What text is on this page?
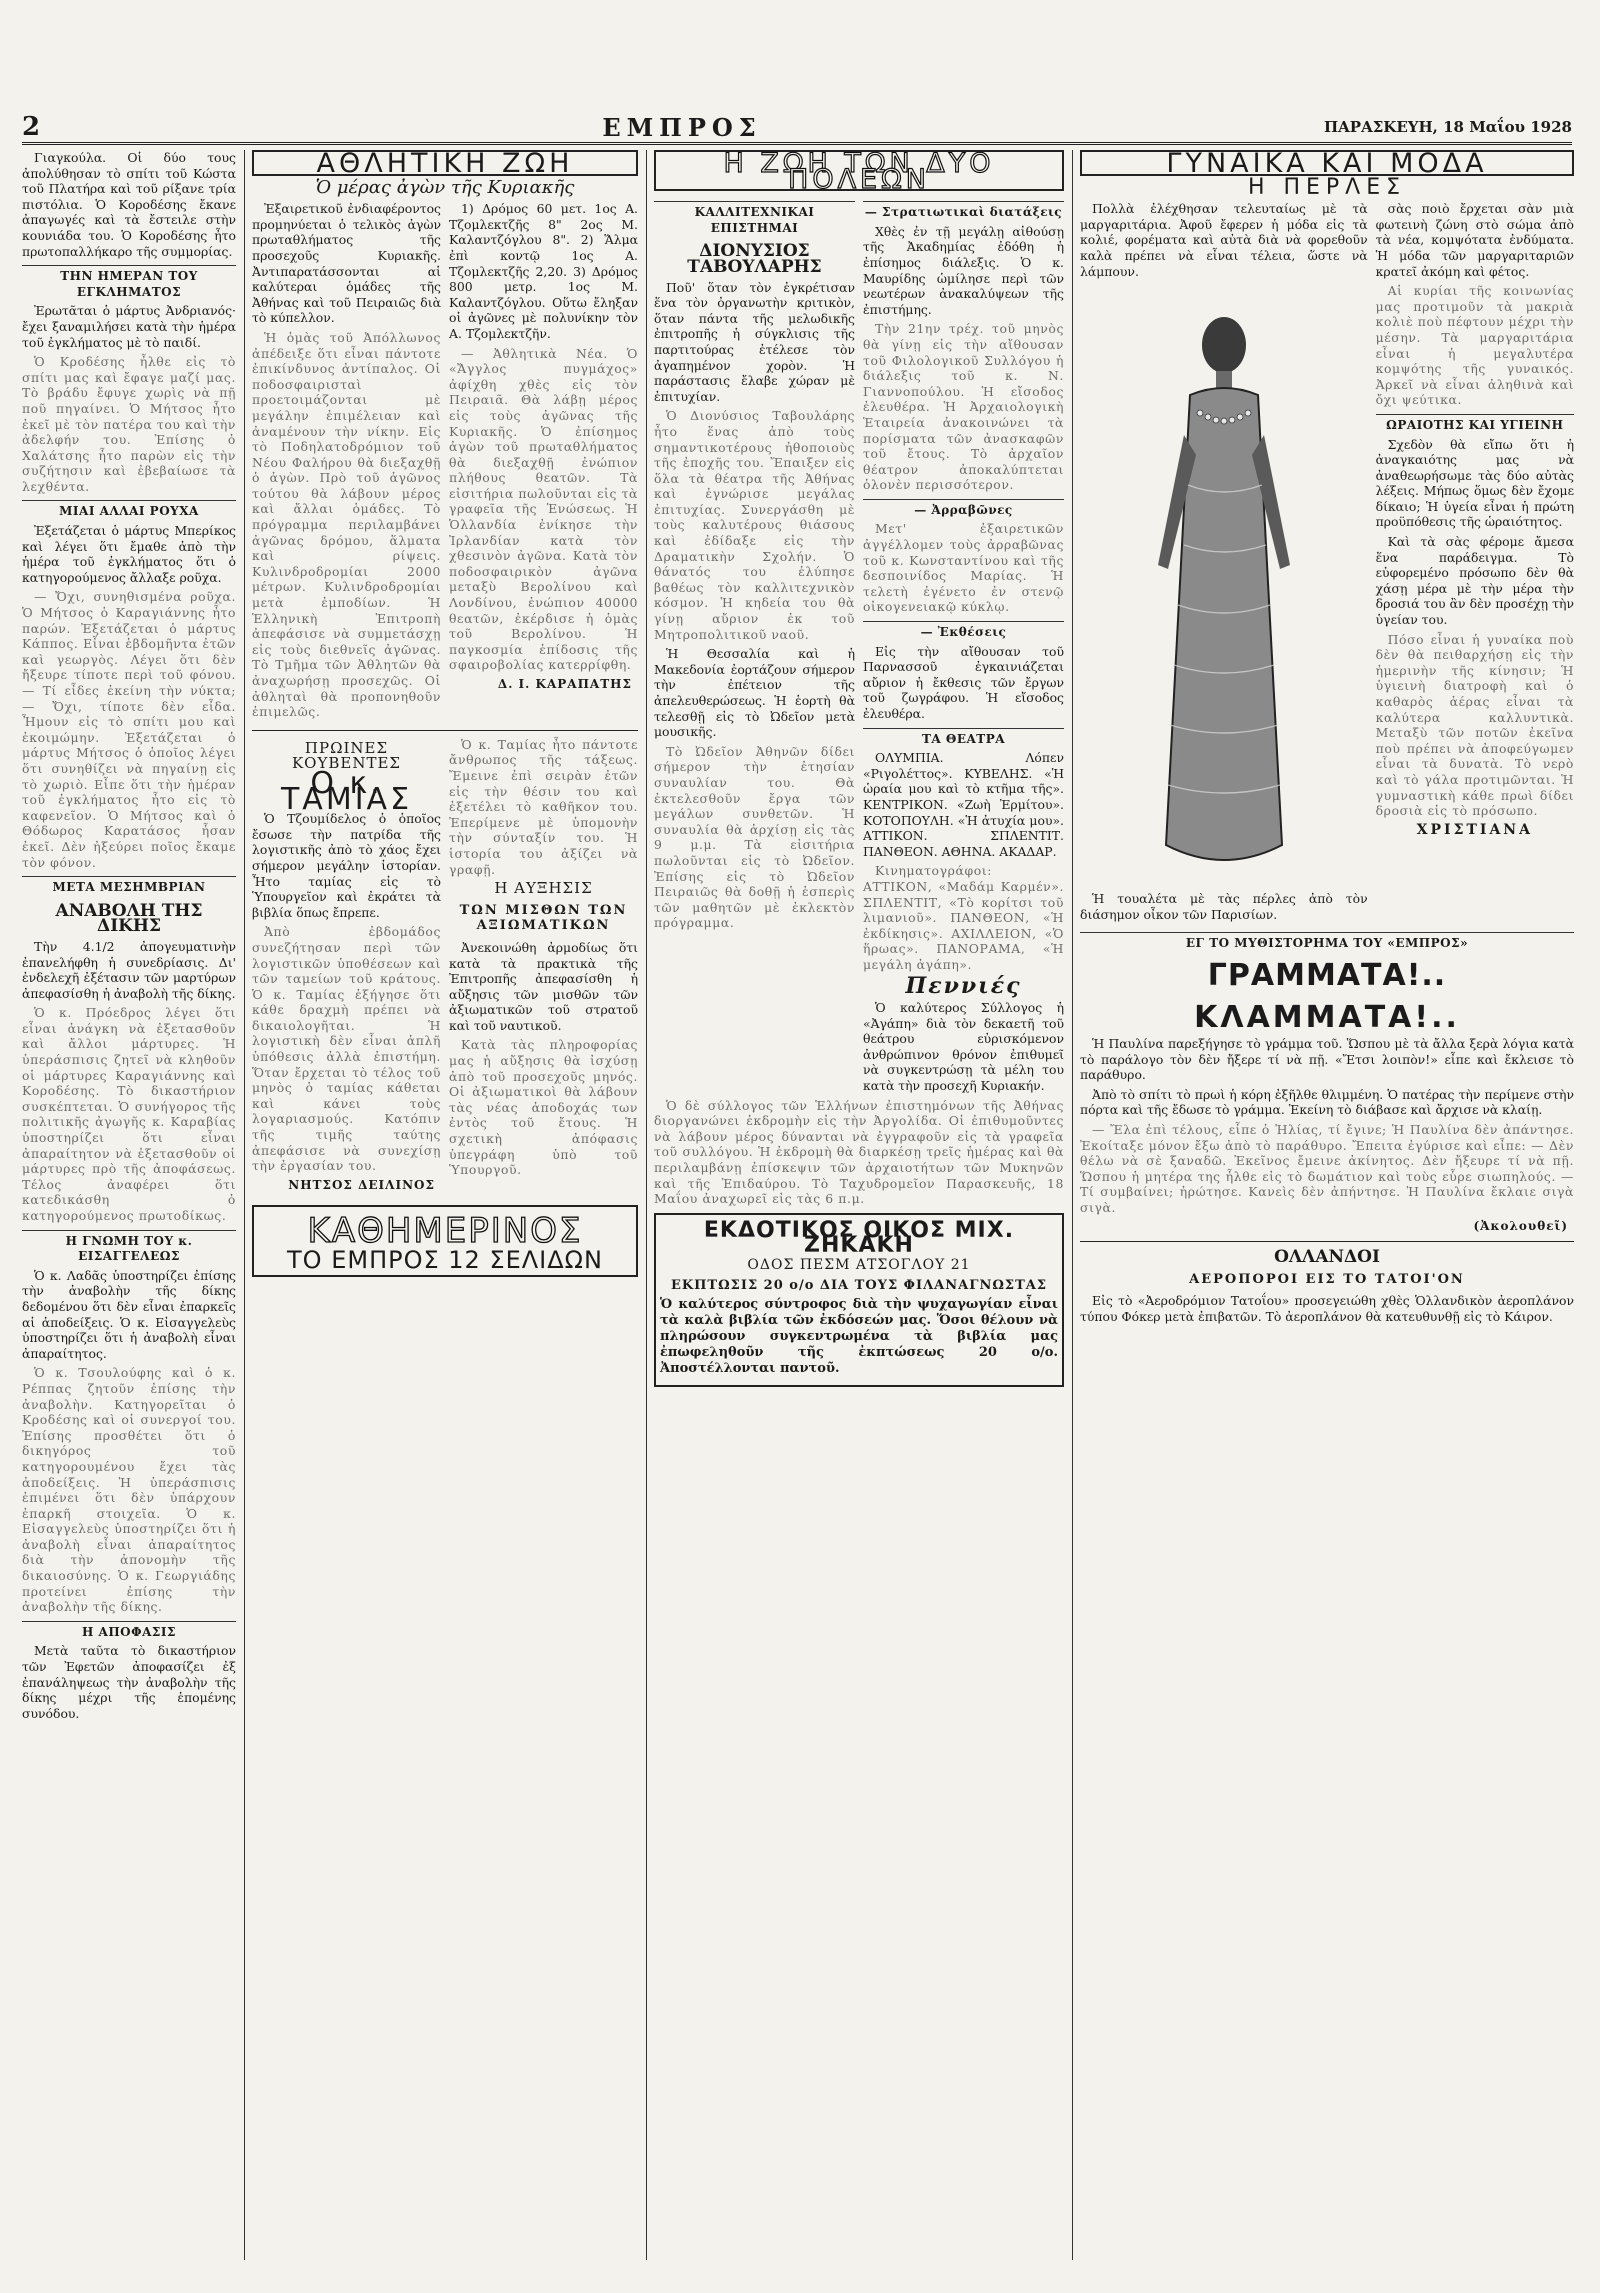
2	ΕΜΠΡΟΣ	ΠΑΡΑΣΚΕΥΗ, 18 Μαΐου 1928

Γιαγκούλα. Οἱ δύο τους ἀπολύθησαν τὸ σπίτι τοῦ Κώστα τοῦ Πλατήρα καὶ τοῦ ρίξανε τρία πιστόλια. Ὁ Κοροδέσης ἔκανε ἀπαγωγές καὶ τὰ ἔστειλε στὴν κουνιάδα του. Ὁ Κοροδέσης ἦτο πρωτοπαλλήκαρο τῆς συμμορίας.

ΤΗΝ ΗΜΕΡΑΝ ΤΟΥ ΕΓΚΛΗΜΑΤΟΣ

Ἐρωτᾶται ὁ μάρτυς Ἀνδριανός· ἔχει ξαναμιλήσει κατὰ τὴν ἡμέρα τοῦ ἐγκλήματος μὲ τὸ παιδί.

Ὁ Κροδέσης ἦλθε εἰς τὸ σπίτι μας καὶ ἔφαγε μαζί μας. Τὸ βράδυ ἔφυγε χωρὶς νὰ πῇ ποῦ πηγαίνει. Ὁ Μήτσος ἦτο ἐκεῖ μὲ τὸν πατέρα του καὶ τὴν ἀδελφήν του. Ἐπίσης ὁ Χαλάτσης ἦτο παρὼν εἰς τὴν συζήτησιν καὶ ἐβεβαίωσε τὰ λεχθέντα.

ΜΙΑΙ ΑΛΛΑΙ ΡΟΥΧΑ

Ἐξετάζεται ὁ μάρτυς Μπερίκος καὶ λέγει ὅτι ἔμαθε ἀπὸ τὴν ἡμέρα τοῦ ἐγκλήματος ὅτι ὁ κατηγορούμενος ἄλλαξε ροῦχα.

— Ὄχι, συνηθισμένα ροῦχα. Ὁ Μήτσος ὁ Καραγιάννης ἦτο παρών. Ἐξετάζεται ὁ μάρτυς Κάππος. Εἶναι ἑβδομῆντα ἐτῶν καὶ γεωργὸς. Λέγει ὅτι δὲν ἤξευρε τίποτε περὶ τοῦ φόνου. — Τί εἶδες ἐκείνη τὴν νύκτα; — Ὄχι, τίποτε δὲν εἶδα. Ἦμουν εἰς τὸ σπίτι μου καὶ ἐκοιμώμην. Ἐξετάζεται ὁ μάρτυς Μήτσος ὁ ὁποῖος λέγει ὅτι συνηθίζει νὰ πηγαίνῃ εἰς τὸ χωριὸ. Εἶπε ὅτι τὴν ἡμέραν τοῦ ἐγκλήματος ἦτο εἰς τὸ καφενεῖον. Ὁ Μήτσος καὶ ὁ Θόδωρος Καρατάσος ἦσαν ἐκεῖ. Δὲν ἠξεύρει ποῖος ἔκαμε τὸν φόνον.

ΜΕΤΑ ΜΕΣΗΜΒΡΙΑΝ
ΑΝΑΒΟΛΗ ΤΗΣ ΔΙΚΗΣ

Τὴν 4.1/2 ἀπογευματινὴν ἐπανελήφθη ἡ συνεδρίασις. Δι' ἐνδελεχῆ ἐξέτασιν τῶν μαρτύρων ἀπεφασίσθη ἡ ἀναβολὴ τῆς δίκης.

Ὁ κ. Πρόεδρος λέγει ὅτι εἶναι ἀνάγκη νὰ ἐξετασθοῦν καὶ ἄλλοι μάρτυρες. Ἡ ὑπεράσπισις ζητεῖ νὰ κληθοῦν οἱ μάρτυρες Καραγιάννης καὶ Κοροδέσης. Τὸ δικαστήριον συσκέπτεται. Ὁ συνήγορος τῆς πολιτικῆς ἀγωγῆς κ. Καραβίας ὑποστηρίζει ὅτι εἶναι ἀπαραίτητον νὰ ἐξετασθοῦν οἱ μάρτυρες πρὸ τῆς ἀποφάσεως. Τέλος ἀναφέρει ὅτι κατεδικάσθη ὁ κατηγορούμενος πρωτοδίκως.

Η ΓΝΩΜΗ ΤΟΥ κ. ΕΙΣΑΓΓΕΛΕΩΣ

Ὁ κ. Λαδᾶς ὑποστηρίζει ἐπίσης τὴν ἀναβολὴν τῆς δίκης δεδομένου ὅτι δὲν εἶναι ἐπαρκεῖς αἱ ἀποδείξεις. Ὁ κ. Εἰσαγγελεὺς ὑποστηρίζει ὅτι ἡ ἀναβολὴ εἶναι ἀπαραίτητος.

Ὁ κ. Τσουλούφης καὶ ὁ κ. Ρέππας ζητοῦν ἐπίσης τὴν ἀναβολὴν. Κατηγορεῖται ὁ Κροδέσης καὶ οἱ συνεργοί του. Ἐπίσης προσθέτει ὅτι ὁ δικηγόρος τοῦ κατηγορουμένου ἔχει τὰς ἀποδείξεις. Ἡ ὑπεράσπισις ἐπιμένει ὅτι δὲν ὑπάρχουν ἐπαρκῆ στοιχεῖα. Ὁ κ. Εἰσαγγελεὺς ὑποστηρίζει ὅτι ἡ ἀναβολὴ εἶναι ἀπαραίτητος διὰ τὴν ἀπονομὴν τῆς δικαιοσύνης. Ὁ κ. Γεωργιάδης προτείνει ἐπίσης τὴν ἀναβολὴν τῆς δίκης.

Η ΑΠΟΦΑΣΙΣ

Μετὰ ταῦτα τὸ δικαστήριον τῶν Ἐφετῶν ἀποφασίζει ἐξ ἐπανάληψεως τὴν ἀναβολὴν τῆς δίκης μέχρι τῆς ἑπομένης συνόδου.

ΑΘΛΗΤΙΚΗ ΖΩΗ
Ὁ μέρας ἀγὼν τῆς Κυριακῆς

Ἐξαιρετικοῦ ἐνδιαφέροντος προμηνύεται ὁ τελικὸς ἀγὼν πρωταθλήματος τῆς προσεχοῦς Κυριακῆς. Ἀντιπαρατάσσονται αἱ καλύτεραι ὁμάδες τῆς Ἀθήνας καὶ τοῦ Πειραιῶς διὰ τὸ κύπελλον.

Ἡ ὁμὰς τοῦ Ἀπόλλωνος ἀπέδειξε ὅτι εἶναι πάντοτε ἐπικίνδυνος ἀντίπαλος. Οἱ ποδοσφαιρισταὶ προετοιμάζονται μὲ μεγάλην ἐπιμέλειαν καὶ ἀναμένουν τὴν νίκην. Εἰς τὸ Ποδηλατοδρόμιον τοῦ Νέου Φαλήρου θὰ διεξαχθῇ ὁ ἀγὼν. Πρὸ τοῦ ἀγῶνος τούτου θὰ λάβουν μέρος καὶ ἄλλαι ὁμάδες. Τὸ πρόγραμμα περιλαμβάνει ἀγῶνας δρόμου, ἅλματα καὶ ρίψεις. Κυλινδροδρομίαι 2000 μέτρων. Κυλινδροδρομίαι μετὰ ἐμποδίων. Ἡ Ἑλληνικὴ Ἐπιτροπὴ ἀπεφάσισε νὰ συμμετάσχῃ εἰς τοὺς διεθνεῖς ἀγῶνας. Τὸ Τμῆμα τῶν Ἀθλητῶν θὰ ἀναχωρήσῃ προσεχῶς. Οἱ ἀθληταὶ θὰ προπονηθοῦν ἐπιμελῶς.

1) Δρόμος 60 μετ. 1ος Α. Τζομλεκτζῆς 8" 2ος Μ. Καλαντζόγλου 8". 2) Ἅλμα ἐπὶ κοντῷ 1ος Α. Τζομλεκτζῆς 2,20. 3) Δρόμος 800 μετρ. 1ος Μ. Καλαντζόγλου. Οὕτω ἔληξαν οἱ ἀγῶνες μὲ πολυνίκην τὸν Α. Τζομλεκτζῆν.

— Ἀθλητικὰ Νέα. Ὁ «Ἄγγλος πυγμάχος» ἀφίχθη χθὲς εἰς τὸν Πειραιᾶ. Θὰ λάβῃ μέρος εἰς τοὺς ἀγῶνας τῆς Κυριακῆς. Ὁ ἐπίσημος ἀγὼν τοῦ πρωταθλήματος θὰ διεξαχθῇ ἐνώπιον πλήθους θεατῶν. Τὰ εἰσιτήρια πωλοῦνται εἰς τὰ γραφεῖα τῆς Ἑνώσεως. Ἡ Ὁλλανδία ἐνίκησε τὴν Ἰρλανδίαν κατὰ τὸν χθεσινὸν ἀγῶνα. Κατὰ τὸν ποδοσφαιρικὸν ἀγῶνα μεταξὺ Βερολίνου καὶ Λονδίνου, ἐνώπιον 40000 θεατῶν, ἐκέρδισε ἡ ὁμὰς τοῦ Βερολίνου. Ἡ παγκοσμία ἐπίδοσις τῆς σφαιροβολίας κατερρίφθη.

Δ. Ι. ΚΑΡΑΠΑΤΗΣ
ΠΡΩΙΝΕΣ ΚΟΥΒΕΝΤΕΣ
Ο κ. ΤΑΜΙΑΣ

Ὁ Τζουμίδελος ὁ ὁποῖος ἔσωσε τὴν πατρίδα τῆς λογιστικῆς ἀπὸ τὸ χάος ἔχει σήμερον μεγάλην ἱστορίαν. Ἦτο ταμίας εἰς τὸ Ὑπουργεῖον καὶ ἐκράτει τὰ βιβλία ὅπως ἔπρεπε.

Ἀπὸ ἐβδομάδος συνεζήτησαν περὶ τῶν λογιστικῶν ὑποθέσεων καὶ τῶν ταμείων τοῦ κράτους. Ὁ κ. Ταμίας ἐξήγησε ὅτι κάθε δραχμὴ πρέπει νὰ δικαιολογῆται. Ἡ λογιστικὴ δὲν εἶναι ἁπλῆ ὑπόθεσις ἀλλὰ ἐπιστήμη. Ὅταν ἔρχεται τὸ τέλος τοῦ μηνὸς ὁ ταμίας κάθεται καὶ κάνει τοὺς λογαριασμούς. Κατόπιν τῆς τιμῆς ταύτης ἀπεφάσισε νὰ συνεχίσῃ τὴν ἐργασίαν του.

ΝΗΤΣΟΣ ΔΕΙΛΙΝΟΣ

Ὁ κ. Ταμίας ἦτο πάντοτε ἄνθρωπος τῆς τάξεως. Ἔμεινε ἐπὶ σειρὰν ἐτῶν εἰς τὴν θέσιν του καὶ ἐξετέλει τὸ καθῆκον του. Ἐπερίμενε μὲ ὑπομονὴν τὴν σύνταξίν του. Ἡ ἱστορία του ἀξίζει νὰ γραφῇ.

Η ΑΥΞΗΣΙΣ
ΤΩΝ ΜΙΣΘΩΝ ΤΩΝ ΑΞΙΩΜΑΤΙΚΩΝ

Ἀνεκοινώθη ἀρμοδίως ὅτι κατὰ τὰ πρακτικὰ τῆς Ἐπιτροπῆς ἀπεφασίσθη ἡ αὔξησις τῶν μισθῶν τῶν ἀξιωματικῶν τοῦ στρατοῦ καὶ τοῦ ναυτικοῦ.

Κατὰ τὰς πληροφορίας μας ἡ αὔξησις θὰ ἰσχύσῃ ἀπὸ τοῦ προσεχοῦς μηνός. Οἱ ἀξιωματικοὶ θὰ λάβουν τὰς νέας ἀποδοχάς των ἐντὸς τοῦ ἔτους. Ἡ σχετικὴ ἀπόφασις ὑπεγράφη ὑπὸ τοῦ Ὑπουργοῦ.

ΚΑΘΗΜΕΡΙΝΟΣ
ΤΟ ΕΜΠΡΟΣ 12 ΣΕΛΙΔΩΝ
Η ΖΩΗ ΤΩΝ ΔΥΟ ΠΟΛΕΩΝ
ΚΑΛΛΙΤΕΧΝΙΚΑΙ ΕΠΙΣΤΗΜΑΙ
ΔΙΟΝΥΣΙΟΣ ΤΑΒΟΥΛΑΡΗΣ

Ποῦ' ὅταν τὸν ἐγκρέτισαν ἕνα τὸν ὀργανωτὴν κριτικὸν, ὅταν πάντα τῆς μελωδικῆς ἐπιτροπῆς ἡ σύγκλισις τῆς παρτιτούρας ἐτέλεσε τὸν ἀγαπημένον χορὸν. Ἡ παράστασις ἔλαβε χώραν μὲ ἐπιτυχίαν.

Ὁ Διονύσιος Ταβουλάρης ἦτο ἕνας ἀπὸ τοὺς σημαντικοτέρους ἠθοποιοὺς τῆς ἐποχῆς του. Ἔπαιξεν εἰς ὅλα τὰ θέατρα τῆς Ἀθήνας καὶ ἐγνώρισε μεγάλας ἐπιτυχίας. Συνεργάσθη μὲ τοὺς καλυτέρους θιάσους καὶ ἐδίδαξε εἰς τὴν Δραματικὴν Σχολήν. Ὁ θάνατός του ἐλύπησε βαθέως τὸν καλλιτεχνικὸν κόσμον. Ἡ κηδεία του θὰ γίνῃ αὔριον ἐκ τοῦ Μητροπολιτικοῦ ναοῦ.

Ἡ Θεσσαλία καὶ ἡ Μακεδονία ἐορτάζουν σήμερον τὴν ἐπέτειον τῆς ἀπελευθερώσεως. Ἡ ἑορτὴ θὰ τελεσθῇ εἰς τὸ Ὠδεῖον μετὰ μουσικῆς.

Τὸ Ὠδεῖον Ἀθηνῶν δίδει σήμερον τὴν ἐτησίαν συναυλίαν του. Θὰ ἐκτελεσθοῦν ἔργα τῶν μεγάλων συνθετῶν. Ἡ συναυλία θὰ ἀρχίσῃ εἰς τὰς 9 μ.μ. Τὰ εἰσιτήρια πωλοῦνται εἰς τὸ Ὠδεῖον. Ἐπίσης εἰς τὸ Ὠδεῖον Πειραιῶς θὰ δοθῇ ἡ ἑσπερὶς τῶν μαθητῶν μὲ ἐκλεκτὸν πρόγραμμα.

— Στρατιωτικαὶ διατάξεις

Χθὲς ἐν τῇ μεγάλῃ αἰθούσῃ τῆς Ἀκαδημίας ἐδόθη ἡ ἐπίσημος διάλεξις. Ὁ κ. Μαυρίδης ὡμίλησε περὶ τῶν νεωτέρων ἀνακαλύψεων τῆς ἐπιστήμης.

Τὴν 21ην τρέχ. τοῦ μηνὸς θὰ γίνῃ εἰς τὴν αἴθουσαν τοῦ Φιλολογικοῦ Συλλόγου ἡ διάλεξις τοῦ κ. Ν. Γιαννοπούλου. Ἡ εἴσοδος ἐλευθέρα. Ἡ Ἀρχαιολογικὴ Ἑταιρεία ἀνακοινώνει τὰ πορίσματα τῶν ἀνασκαφῶν τοῦ ἔτους. Τὸ ἀρχαῖον θέατρον ἀποκαλύπτεται ὁλονὲν περισσότερον.

— Ἀρραβῶνες

Μετ' ἐξαιρετικῶν ἀγγέλλομεν τοὺς ἀρραβῶνας τοῦ κ. Κωνσταντίνου καὶ τῆς δεσποινίδος Μαρίας. Ἡ τελετὴ ἐγένετο ἐν στενῷ οἰκογενειακῷ κύκλῳ.

— Ἐκθέσεις

Εἰς τὴν αἴθουσαν τοῦ Παρνασσοῦ ἐγκαινιάζεται αὔριον ἡ ἔκθεσις τῶν ἔργων τοῦ ζωγράφου. Ἡ εἴσοδος ἐλευθέρα.

ΤΑ ΘΕΑΤΡΑ

ΟΛΥΜΠΙΑ. Λόπεν «Ριγολέττος». ΚΥΒΕΛΗΣ. «Ἡ ὡραία μου καὶ τὸ κτῆμα τῆς». ΚΕΝΤΡΙΚΟΝ. «Ζωὴ Ἐρμίτου». ΚΟΤΟΠΟΥΛΗ. «Ἡ ἀτυχία μου». ΑΤΤΙΚΟΝ. ΣΠΛΕΝΤΙΤ. ΠΑΝΘΕΟΝ. ΑΘΗΝΑ. ΑΚΑΔΑΡ.

Κινηματογράφοι: ΑΤΤΙΚΟΝ, «Μαδάμ Καρμέν». ΣΠΛΕΝΤΙΤ, «Τὸ κορίτσι τοῦ λιμανιοῦ». ΠΑΝΘΕΟΝ, «Ἡ ἐκδίκησις». ΑΧΙΛΛΕΙΟΝ, «Ὁ ἥρωας». ΠΑΝΟΡΑΜΑ, «Ἡ μεγάλη ἀγάπη».

Πεννιές

Ὁ καλύτερος Σύλλογος ἡ «Ἀγάπη» διὰ τὸν δεκαετῆ τοῦ θεάτρου εὐρισκόμενον ἀνθρώπινον θρόνον ἐπιθυμεῖ νὰ συγκεντρώσῃ τὰ μέλη του κατὰ τὴν προσεχῆ Κυριακήν.

Ὁ δὲ σύλλογος τῶν Ἑλλήνων ἐπιστημόνων τῆς Ἀθήνας διοργανώνει ἐκδρομὴν εἰς τὴν Ἀργολίδα. Οἱ ἐπιθυμοῦντες νὰ λάβουν μέρος δύνανται νὰ ἐγγραφοῦν εἰς τὰ γραφεῖα τοῦ συλλόγου. Ἡ ἐκδρομὴ θὰ διαρκέσῃ τρεῖς ἡμέρας καὶ θὰ περιλαμβάνῃ ἐπίσκεψιν τῶν ἀρχαιοτήτων τῶν Μυκηνῶν καὶ τῆς Ἐπιδαύρου. Τὸ Ταχυδρομεῖον Παρασκευῆς, 18 Μαΐου ἀναχωρεῖ εἰς τὰς 6 π.μ.

ΕΚΔΟΤΙΚΟΣ ΟΙΚΟΣ ΜΙΧ. ΖΗΚΑΚΗ
ΟΔΟΣ ΠΕΣΜ ΑΤΣΟΓΛΟΥ 21
ΕΚΠΤΩΣΙΣ 20 ο/ο ΔΙΑ ΤΟΥΣ ΦΙΛΑΝΑΓΝΩΣΤΑΣ

Ὁ καλύτερος σύντροφος διὰ τὴν ψυχαγωγίαν εἶναι τὰ καλὰ βιβλία τῶν ἐκδόσεών μας. Ὅσοι θέλουν νὰ πληρώσουν συγκεντρωμένα τὰ βιβλία μας ἐπωφεληθοῦν τῆς ἐκπτώσεως 20 ο/ο. Ἀποστέλλονται παντοῦ.

ΓΥΝΑΙΚΑ ΚΑΙ ΜΟΔΑ
Η ΠΕΡΛΕΣ

Πολλὰ ἐλέχθησαν τελευταίως μὲ τὰ μαργαριτάρια. Ἀφοῦ ἔφερεν ἡ μόδα εἰς τὰ κολιέ, φορέματα καὶ αὐτὰ διὰ νὰ φορεθοῦν καλὰ πρέπει νὰ εἶναι τέλεια, ὥστε νὰ λάμπουν.

Ἡ τουαλέτα μὲ τὰς πέρλες ἀπὸ τὸν διάσημον οἶκον τῶν Παρισίων.

σὰς ποιὸ ἔρχεται σὰν μιὰ φωτεινὴ ζώνη στὸ σώμα ἀπὸ τὰ νέα, κομψότατα ἐνδύματα. Ἡ μόδα τῶν μαργαριταριῶν κρατεῖ ἀκόμη καὶ φέτος.

Αἱ κυρίαι τῆς κοινωνίας μας προτιμοῦν τὰ μακριὰ κολιὲ ποὺ πέφτουν μέχρι τὴν μέσην. Τὰ μαργαριτάρια εἶναι ἡ μεγαλυτέρα κομψότης τῆς γυναικός. Ἀρκεῖ νὰ εἶναι ἀληθινὰ καὶ ὄχι ψεύτικα.

ΩΡΑΙΟΤΗΣ ΚΑΙ ΥΓΙΕΙΝΗ

Σχεδὸν θὰ εἴπω ὅτι ἡ ἀναγκαιότης μας νὰ ἀναθεωρήσωμε τὰς δύο αὐτὰς λέξεις. Μήπως ὅμως δὲν ἔχομε δίκαιο; Ἡ ὑγεία εἶναι ἡ πρώτη προϋπόθεσις τῆς ὡραιότητος.

Καὶ τὰ σὰς φέρομε ἄμεσα ἕνα παράδειγμα. Τὸ εὐφορεμένο πρόσωπο δὲν θὰ χάσῃ μέρα μὲ τὴν μέρα τὴν δροσιά του ἂν δὲν προσέχῃ τὴν ὑγείαν του.

Πόσο εἶναι ἡ γυναίκα ποὺ δὲν θὰ πειθαρχήσῃ εἰς τὴν ἠμερινὴν τῆς κίνησιν; Ἡ ὑγιεινὴ διατροφὴ καὶ ὁ καθαρὸς ἀέρας εἶναι τὰ καλύτερα καλλυντικὰ. Μεταξὺ τῶν ποτῶν ἐκεῖνα ποὺ πρέπει νὰ ἀποφεύγωμεν εἶναι τὰ δυνατὰ. Τὸ νερὸ καὶ τὸ γάλα προτιμῶνται. Ἡ γυμναστικὴ κάθε πρωὶ δίδει δροσιὰ εἰς τὸ πρόσωπο.

ΧΡΙΣΤΙΑΝΑ
ΕΓ ΤΟ ΜΥΘΙΣΤΟΡΗΜΑ ΤΟΥ «ΕΜΠΡΟΣ»
ΓΡΑΜΜΑΤΑ!..
ΚΛΑΜΜΑΤΑ!..

Ἡ Παυλίνα παρεξήγησε τὸ γράμμα τοῦ. Ὥσπου μὲ τὰ ἄλλα ξερὰ λόγια κατὰ τὸ παράλογο τὸν δὲν ἤξερε τί νὰ πῇ. «Ἔτσι λοιπὸν!» εἶπε καὶ ἔκλεισε τὸ παράθυρο.

Ἀπὸ τὸ σπίτι τὸ πρωὶ ἡ κόρη ἐξῆλθε θλιμμένη. Ὁ πατέρας τὴν περίμενε στὴν πόρτα καὶ τῆς ἔδωσε τὸ γράμμα. Ἐκείνη τὸ διάβασε καὶ ἄρχισε νὰ κλαίῃ.

— Ἔλα ἐπὶ τέλους, εἶπε ὁ Ἠλίας, τί ἔγινε; Ἡ Παυλίνα δὲν ἀπάντησε. Ἐκοίταξε μόνον ἔξω ἀπὸ τὸ παράθυρο. Ἔπειτα ἐγύρισε καὶ εἶπε: — Δὲν θέλω νὰ σὲ ξαναδῶ. Ἐκεῖνος ἔμεινε ἀκίνητος. Δὲν ἤξευρε τί νὰ πῇ. Ὥσπου ἡ μητέρα της ἦλθε εἰς τὸ δωμάτιον καὶ τοὺς εὗρε σιωπηλούς. — Τί συμβαίνει; ἠρώτησε. Κανεὶς δὲν ἀπήντησε. Ἡ Παυλίνα ἔκλαιε σιγὰ σιγὰ.

(Ἀκολουθεῖ)
ΟΛΛΑΝΔΟΙ
ΑΕΡΟΠΟΡΟΙ ΕΙΣ ΤΟ ΤΑΤΟΙ'ΟΝ

Εἰς τὸ «Ἀεροδρόμιον Τατοΐου» προσεγειώθη χθὲς Ὁλλανδικὸν ἀεροπλάνον τύπου Φόκερ μετὰ ἐπιβατῶν. Τὸ ἀεροπλάνον θὰ κατευθυνθῇ εἰς τὸ Κάιρον.
